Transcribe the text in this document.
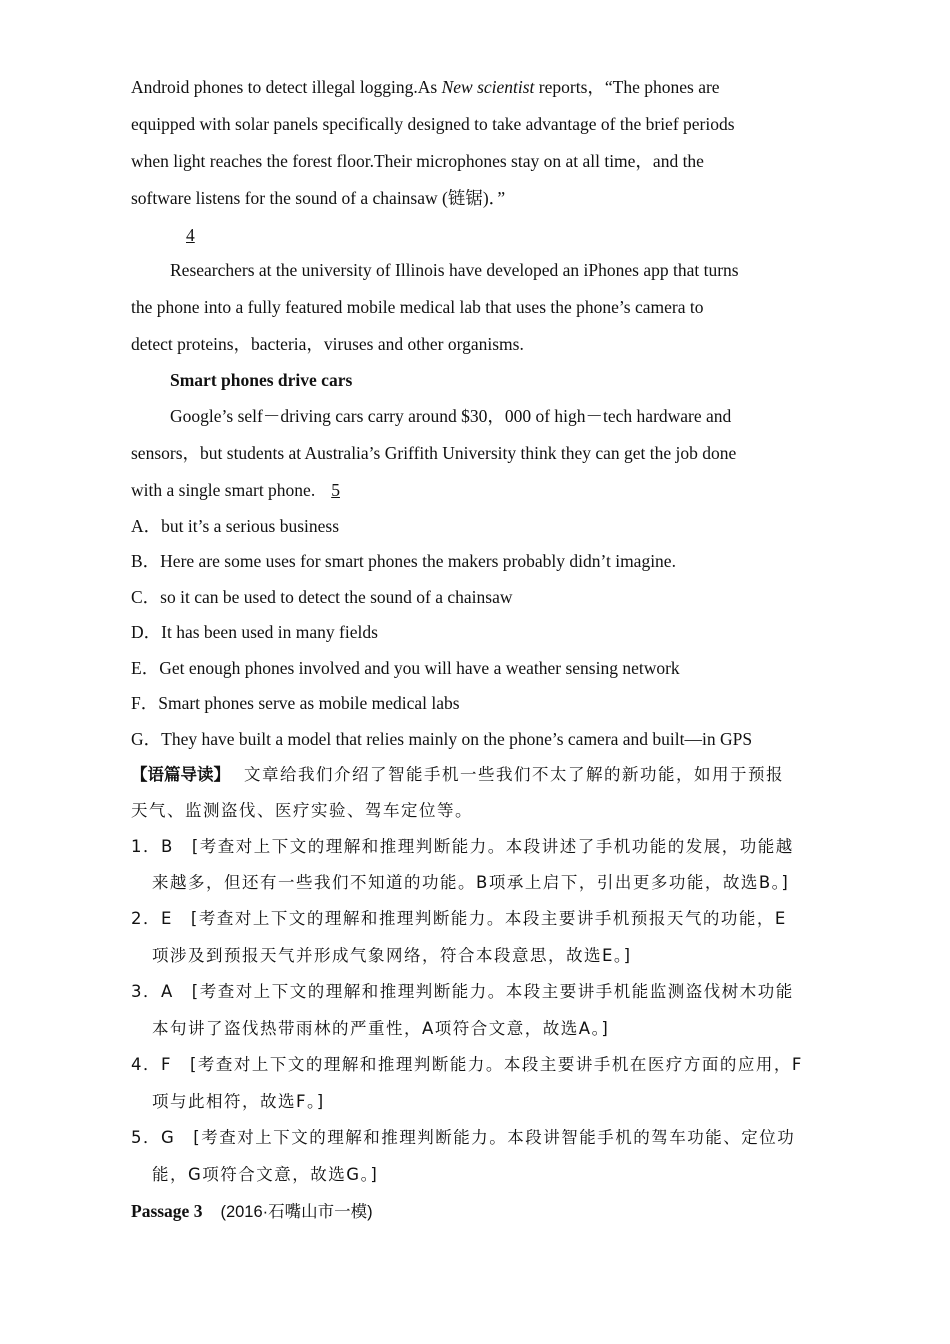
Android phones to detect illegal logging.As New scientist reports，“The phones are
equipped with solar panels specifically designed to take advantage of the brief periods
when light reaches the forest floor.Their microphones stay on at all time，and the
software listens for the sound of a chainsaw (链锯)．”
4
Researchers at the university of Illinois have developed an iPhones app that turns
the phone into a fully featured mobile medical lab that uses the phone’s camera to
detect proteins，bacteria，viruses and other organisms.
Smart phones drive cars
Google’s self－driving cars carry around $30，000 of high－tech hardware and
sensors，but students at Australia’s Griffith University think they can get the job done
with a single smart phone. 5
A．but it’s a serious business
B．Here are some uses for smart phones the makers probably didn’t imagine.
C．so it can be used to detect the sound of a chainsaw
D．It has been used in many fields
E．Get enough phones involved and you will have a weather sensing network
F．Smart phones serve as mobile medical labs
G．They have built a model that relies mainly on the phone’s camera and built—in GPS
【语篇导读】 文章给我们介绍了智能手机一些我们不太了解的新功能，如用于预报
天气、监测盗伐、医疗实验、驾车定位等。
1．B　[考查对上下文的理解和推理判断能力。本段讲述了手机功能的发展，功能越
来越多，但还有一些我们不知道的功能。B项承上启下，引出更多功能，故选B。]
2．E　[考查对上下文的理解和推理判断能力。本段主要讲手机预报天气的功能，E
项涉及到预报天气并形成气象网络，符合本段意思，故选E。]
3．A　[考查对上下文的理解和推理判断能力。本段主要讲手机能监测盗伐树木功能
本句讲了盗伐热带雨林的严重性，A项符合文意，故选A。]
4．F　[考查对上下文的理解和推理判断能力。本段主要讲手机在医疗方面的应用，F
项与此相符，故选F。]
5．G　[考查对上下文的理解和推理判断能力。本段讲智能手机的驾车功能、定位功
能，G项符合文意，故选G。]
Passage 3 (2016·石嘴山市一模)
